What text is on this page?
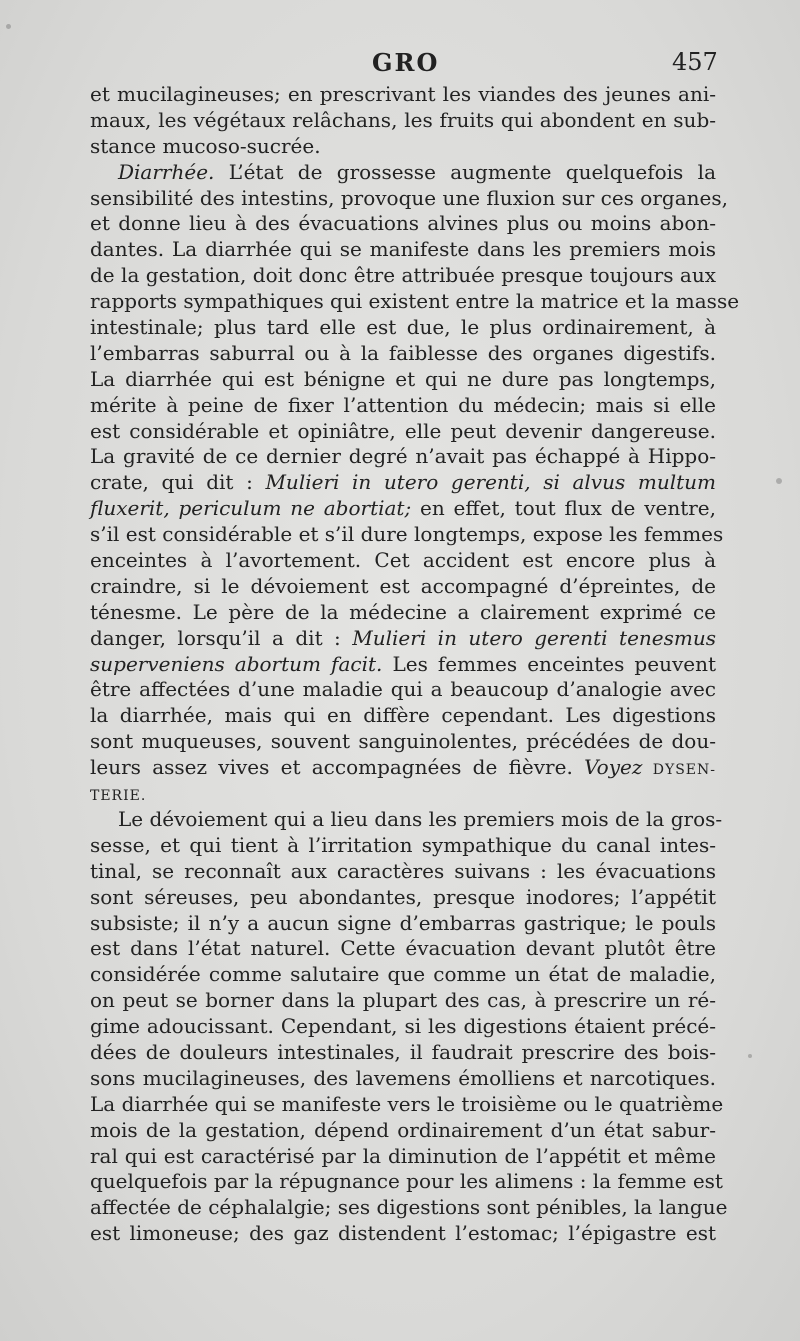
GRO	457
et mucilagineuses; en prescrivant les viandes des jeunes ani-
maux, les végétaux relâchans, les fruits qui abondent en sub-
stance mucoso-sucrée.
Diarrhée. L’état de grossesse augmente quelquefois la
sensibilité des intestins, provoque une fluxion sur ces organes,
et donne lieu à des évacuations alvines plus ou moins abon-
dantes. La diarrhée qui se manifeste dans les premiers mois
de la gestation, doit donc être attribuée presque toujours aux
rapports sympathiques qui existent entre la matrice et la masse
intestinale; plus tard elle est due, le plus ordinairement, à
l’embarras saburral ou à la faiblesse des organes digestifs.
La diarrhée qui est bénigne et qui ne dure pas longtemps,
mérite à peine de fixer l’attention du médecin; mais si elle
est considérable et opiniâtre, elle peut devenir dangereuse.
La gravité de ce dernier degré n’avait pas échappé à Hippo-
crate, qui dit : Mulieri in utero gerenti, si alvus multum
fluxerit, periculum ne abortiat; en effet, tout flux de ventre,
s’il est considérable et s’il dure longtemps, expose les femmes
enceintes à l’avortement. Cet accident est encore plus à
craindre, si le dévoiement est accompagné d’épreintes, de
ténesme. Le père de la médecine a clairement exprimé ce
danger, lorsqu’il a dit : Mulieri in utero gerenti tenesmus
superveniens abortum facit. Les femmes enceintes peuvent
être affectées d’une maladie qui a beaucoup d’analogie avec
la diarrhée, mais qui en diffère cependant. Les digestions
sont muqueuses, souvent sanguinolentes, précédées de dou-
leurs assez vives et accompagnées de fièvre. Voyez DYSEN-
TERIE.
Le dévoiement qui a lieu dans les premiers mois de la gros-
sesse, et qui tient à l’irritation sympathique du canal intes-
tinal, se reconnaît aux caractères suivans : les évacuations
sont séreuses, peu abondantes, presque inodores; l’appétit
subsiste; il n’y a aucun signe d’embarras gastrique; le pouls
est dans l’état naturel. Cette évacuation devant plutôt être
considérée comme salutaire que comme un état de maladie,
on peut se borner dans la plupart des cas, à prescrire un ré-
gime adoucissant. Cependant, si les digestions étaient précé-
dées de douleurs intestinales, il faudrait prescrire des bois-
sons mucilagineuses, des lavemens émolliens et narcotiques.
La diarrhée qui se manifeste vers le troisième ou le quatrième
mois de la gestation, dépend ordinairement d’un état sabur-
ral qui est caractérisé par la diminution de l’appétit et même
quelquefois par la répugnance pour les alimens : la femme est
affectée de céphalalgie; ses digestions sont pénibles, la langue
est limoneuse; des gaz distendent l’estomac; l’épigastre est
